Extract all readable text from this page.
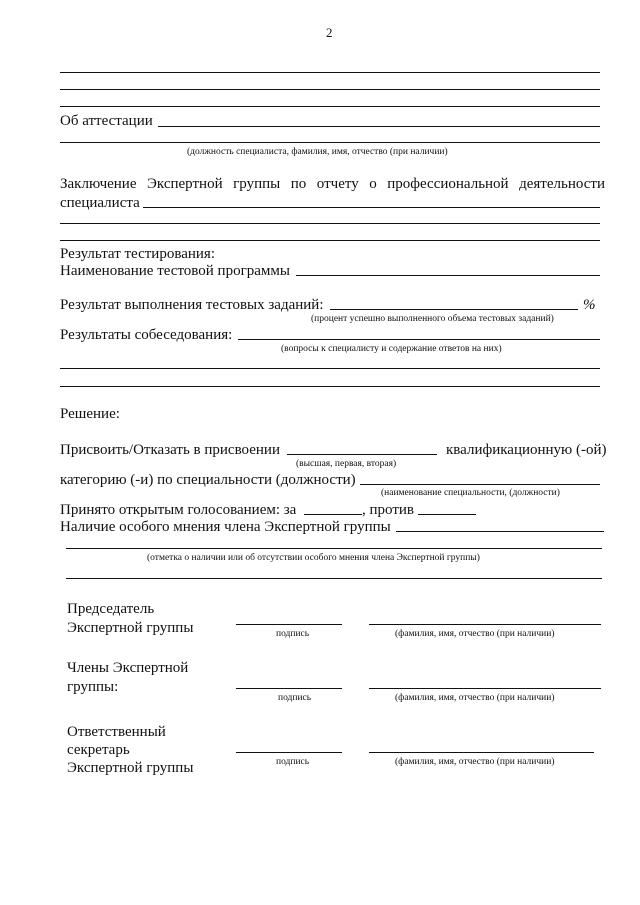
2
Об аттестации
(должность специалиста, фамилия, имя, отчество (при наличии)
Заключение Экспертной группы по отчету о профессиональной деятельности
специалиста
Результат тестирования:
Наименование тестовой программы
Результат выполнения тестовых заданий:	%
(процент успешно выполненного объема тестовых заданий)
Результаты собеседования:
(вопросы к специалисту и содержание ответов на них)
Решение:
Присвоить/Отказать в присвоении	квалификационную (-ой)
(высшая, первая, вторая)
категорию (-и) по специальности (должности)
(наименование специальности, (должности)
Принято открытым голосованием: за	, против
Наличие особого мнения члена Экспертной группы
(отметка о наличии или об отсутствии особого мнения члена Экспертной группы)
Председатель
Экспертной группы	подпись	(фамилия, имя, отчество (при наличии)
Члены Экспертной
группы:
подпись	(фамилия, имя, отчество (при наличии)
Ответственный
секретарь
Экспертной группы	подпись	(фамилия, имя, отчество (при наличии)
